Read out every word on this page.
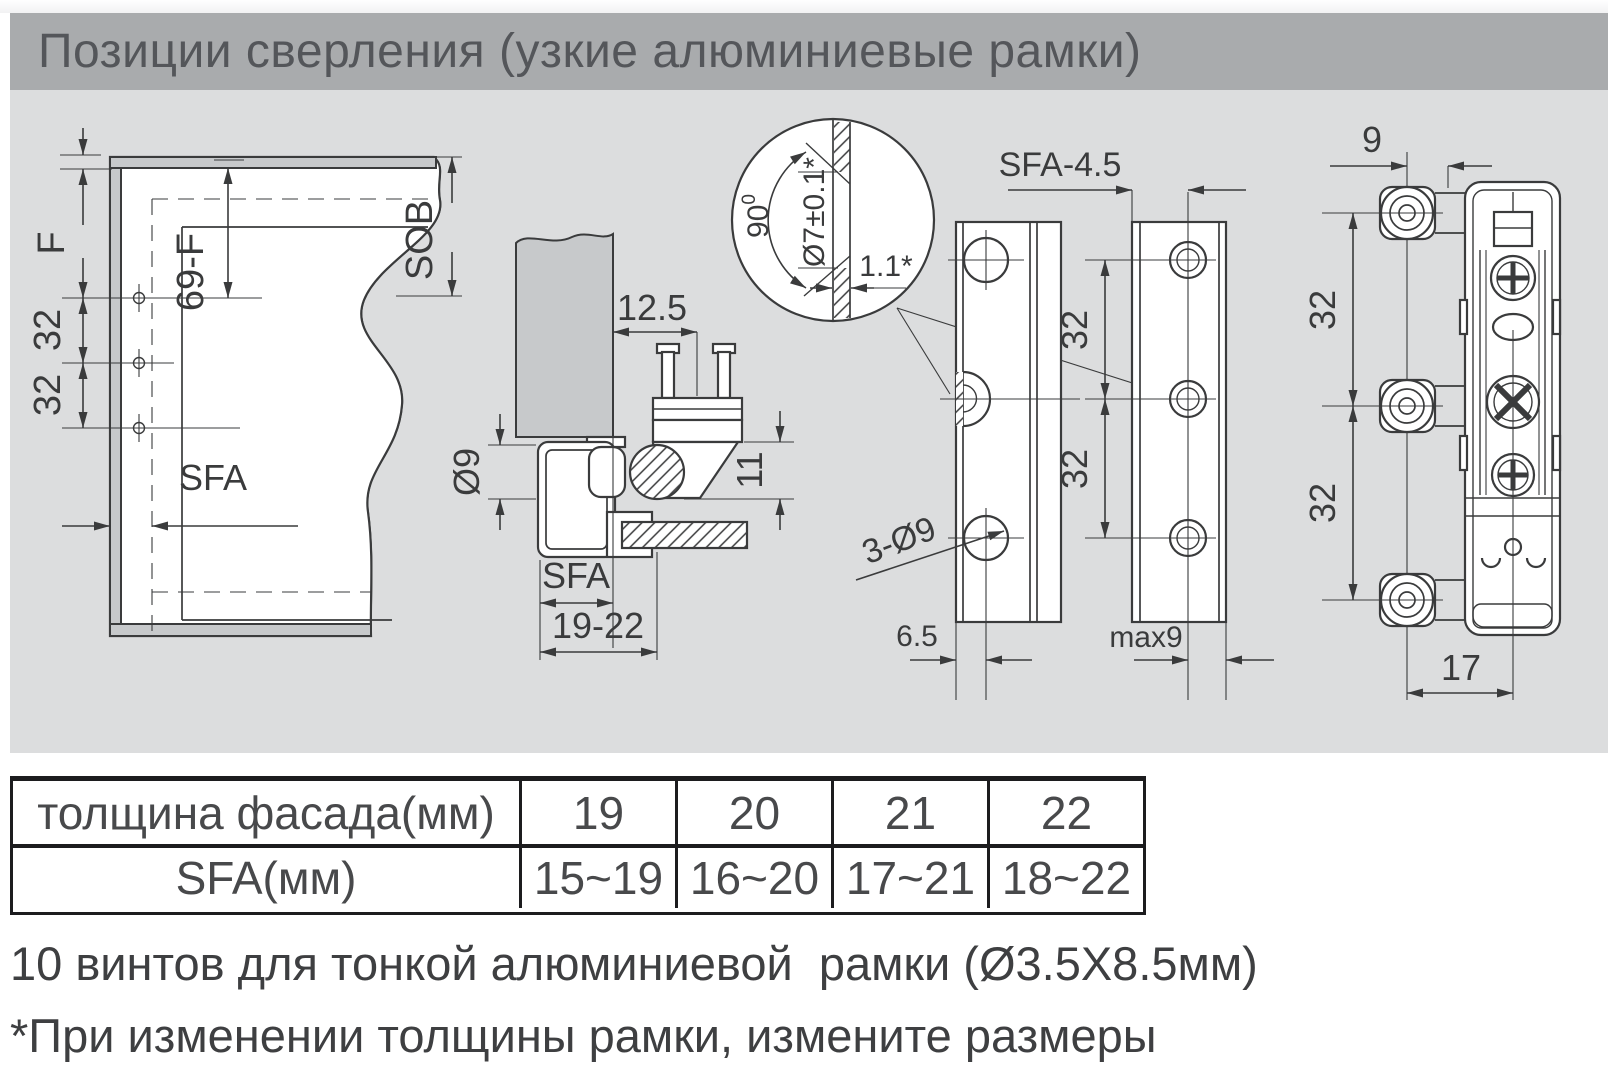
Позиции сверления (узкие алюминиевые рамки)
F
32
32
69-F
SFA
SOB
12.5
Ø9	11
SFA
19-22
900	Ø7±0.1* 1.1*
3-Ø9
6.5
32
32
SFA-4.5
max9
9
32
32
17
толщина фасада(мм)	19	20	21	22
SFA(мм)	15~19 16~20 17~21 18~22
10 винтов для тонкой алюминиевой  рамки (Ø3.5X8.5мм)
*При изменении толщины рамки, измените размеры
